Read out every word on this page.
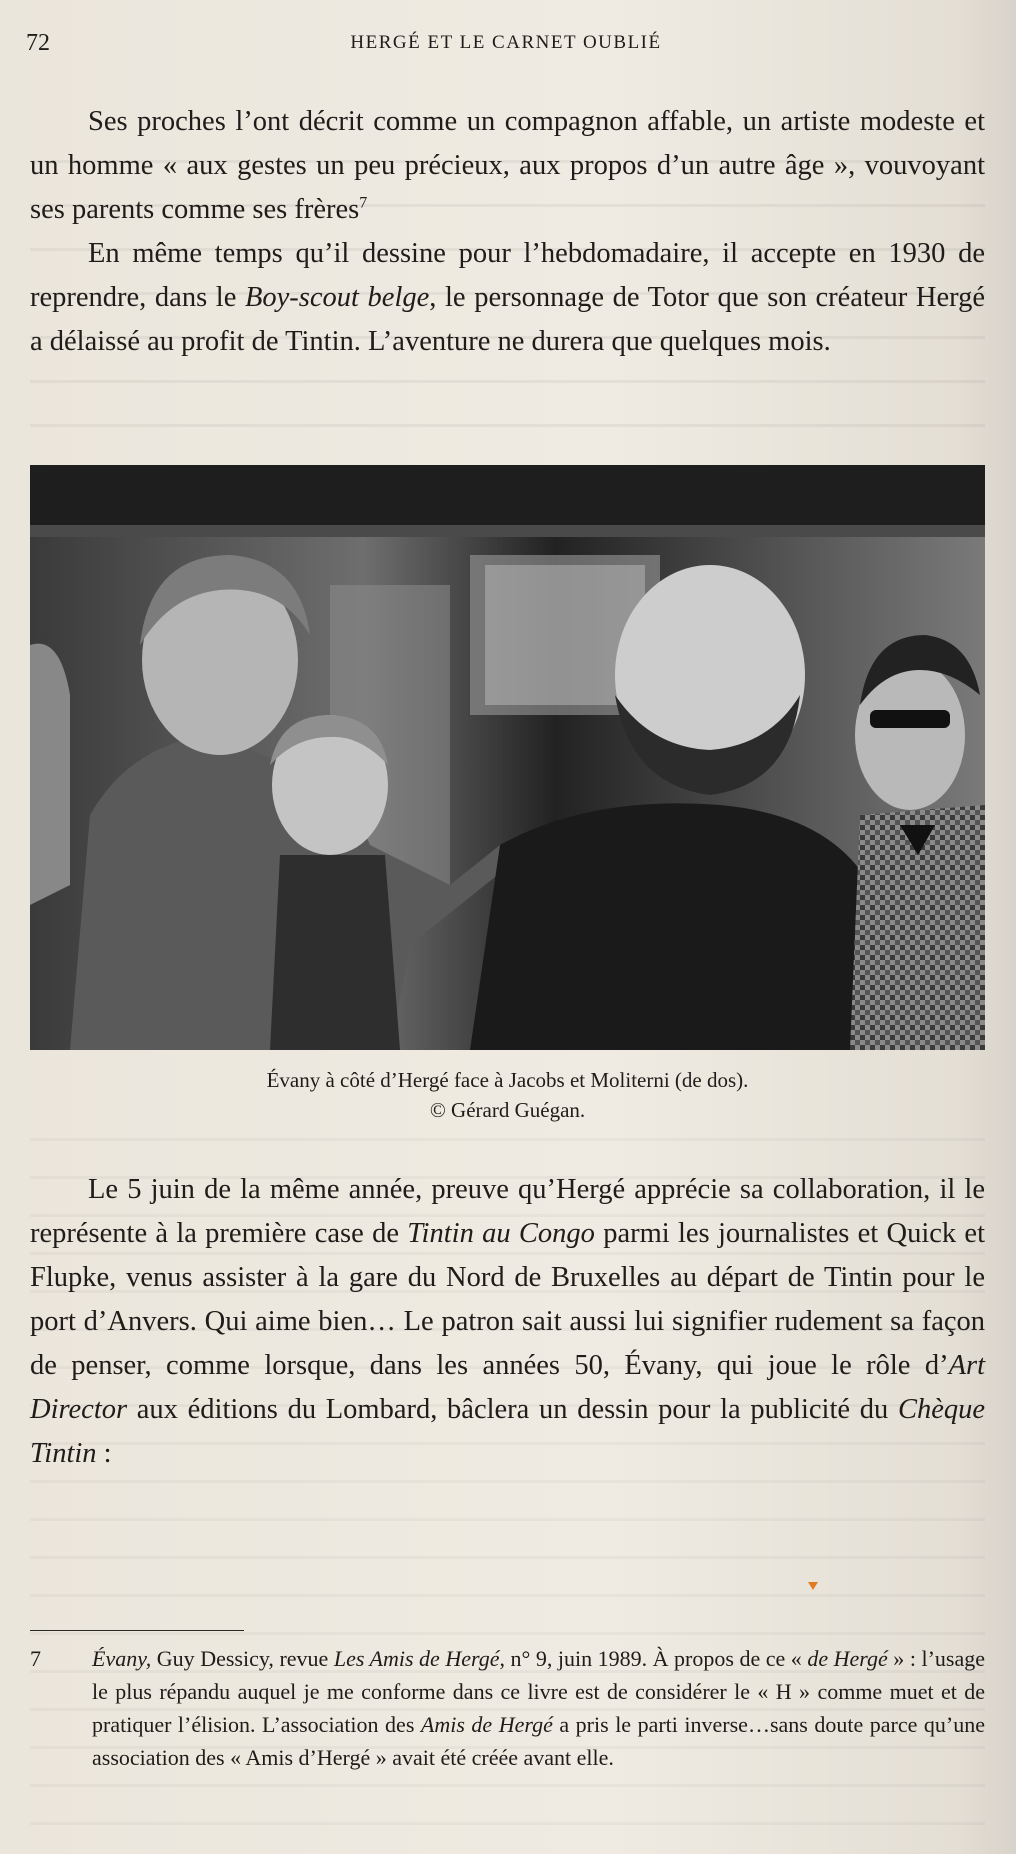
72	HERGÉ ET LE CARNET OUBLIÉ

Ses proches l’ont décrit comme un compagnon affable, un artiste modeste et un homme « aux gestes un peu précieux, aux propos d’un autre âge », vouvoyant ses parents comme ses frères$^7$

En même temps qu’il dessine pour l’hebdomadaire, il accepte en 1930 de reprendre, dans le Boy-scout belge, le personnage de Totor que son créateur Hergé a délaissé au profit de Tintin. L’aventure ne durera que quelques mois.

Évany à côté d’Hergé face à Jacobs et Moliterni (de dos).
© Gérard Guégan.

Le 5 juin de la même année, preuve qu’Hergé apprécie sa collaboration, il le représente à la première case de Tintin au Congo parmi les journalistes et Quick et Flupke, venus assister à la gare du Nord de Bruxelles au départ de Tintin pour le port d’Anvers. Qui aime bien… Le patron sait aussi lui signifier rudement sa façon de penser, comme lorsque, dans les années 50, Évany, qui joue le rôle d’Art Director aux éditions du Lombard, bâclera un dessin pour la publicité du Chèque Tintin :

7	Évany, Guy Dessicy, revue Les Amis de Hergé, n° 9, juin 1989. À propos de ce « de Hergé » : l’usage le plus répandu auquel je me conforme dans ce livre est de considérer le « H » comme muet et de pratiquer l’élision. L’association des Amis de Hergé a pris le parti inverse…sans doute parce qu’une association des « Amis d’Hergé » avait été créée avant elle.
